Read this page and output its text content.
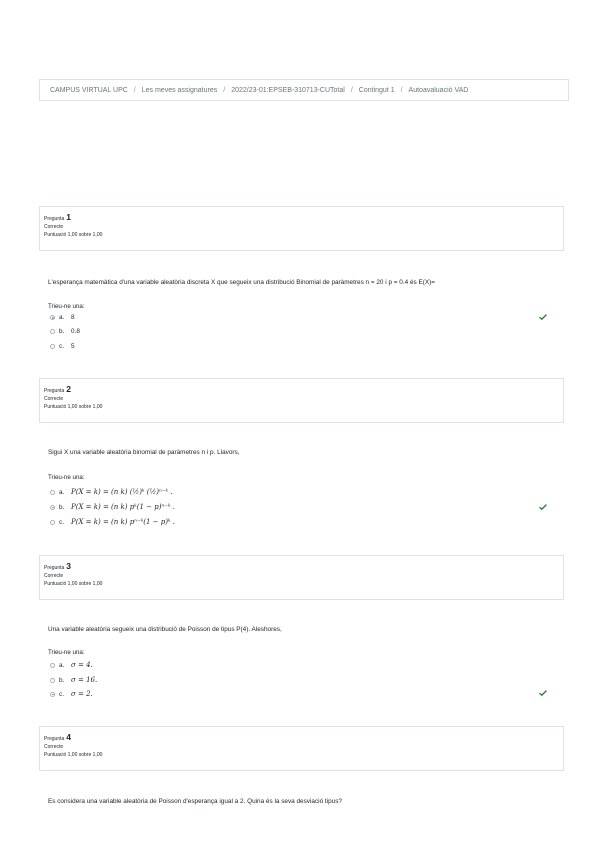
CAMPUS VIRTUAL UPC / Les meves assignatures / 2022/23-01:EPSEB-310713-CUTotal / Contingut 1 / Autoavaluació VAD
Pregunta 1
Correcte
Puntuació 1,00 sobre 1,00
L'esperança matemàtica d'una variable aleatòria discreta X que segueix una distribució Binomial de paràmetres n = 20 i p = 0.4 és E(X)=
Trieu-ne una:
a.	8
b.	0.8
c.	5
Pregunta 2
Correcte
Puntuació 1,00 sobre 1,00
Sigui X una variable aleatòria binomial de paràmetres n i p. Llavors,
Trieu-ne una:
a. P(X = k) = (n k) (½)ᵏ (½)ⁿ⁻ᵏ .
b. P(X = k) = (n k) pᵏ(1 − p)ⁿ⁻ᵏ .
c.	P(X = k) = (n k) pⁿ⁻ᵏ(1 − p)ᵏ .
Pregunta 3
Correcte
Puntuació 1,00 sobre 1,00
Una variable aleatòria segueix una distribució de Poisson de tipus P(4). Aleshores,
Trieu-ne una:
a. σ = 4.
b. σ = 16.
c.	σ = 2.
Pregunta 4
Correcte
Puntuació 1,00 sobre 1,00
Es considera una variable aleatòria de Poisson d'esperança igual a 2. Quina és la seva desviació tipus?
